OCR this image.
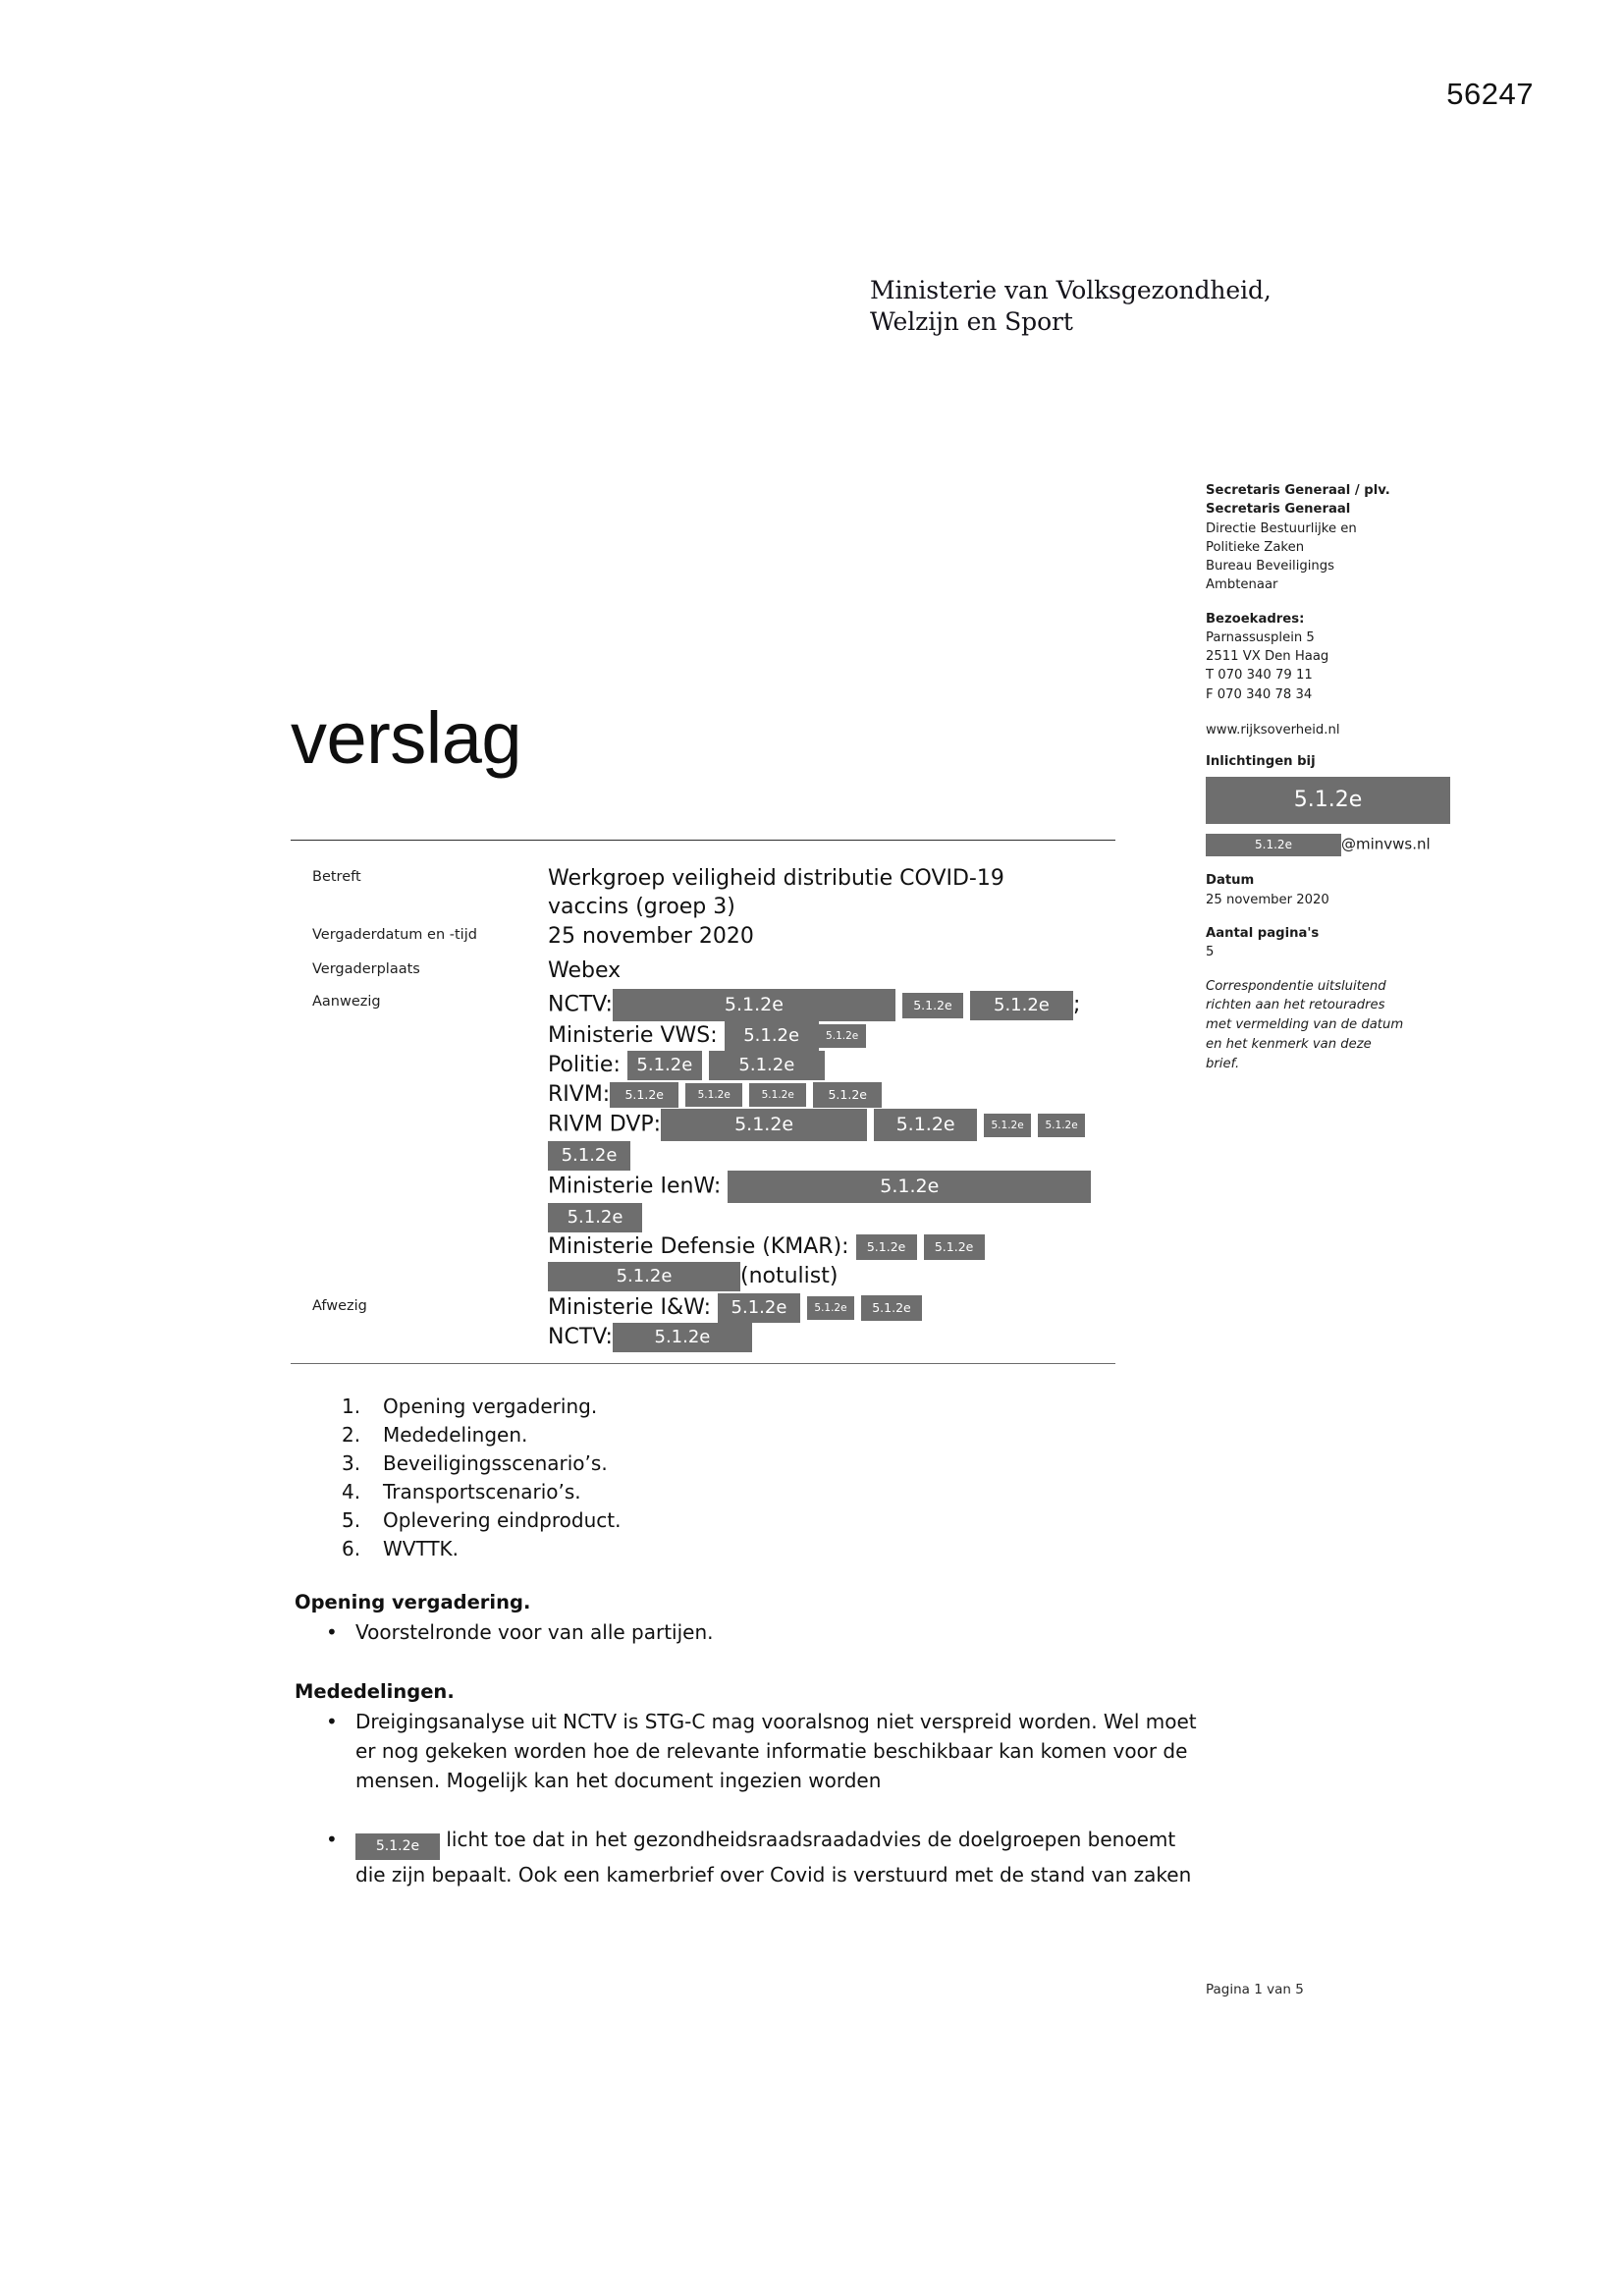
56247
Ministerie van Volksgezondheid,
Welzijn en Sport
Secretaris Generaal / plv.
Secretaris Generaal
Directie Bestuurlijke en
Politieke Zaken
Bureau Beveiligings
Ambtenaar
Bezoekadres:
Parnassusplein 5
2511 VX Den Haag
T 070 340 79 11
F 070 340 78 34
www.rijksoverheid.nl
Inlichtingen bij
5.1.2e
5.1.2e	@minvws.nl
Datum
25 november 2020
Aantal pagina's
5
Correspondentie uitsluitend
richten aan het retouradres
met vermelding van de datum
en het kenmerk van deze
brief.
verslag
Betreft	Werkgroep veiligheid distributie COVID-19
vaccins (groep 3)
Vergaderdatum en -tijd	25 november 2020
Vergaderplaats	Webex
Aanwezig	NCTV:	5.1.2e	5.1.2e 5.1.2e ;
Ministerie VWS: 5.1.2e	5.1.2e
Politie: 5.1.2e	5.1.2e
RIVM: 5.1.2e	5.1.2e	5.1.2e	5.1.2e
RIVM DVP:	5.1.2e	5.1.2e	5.1.2e 5.1.2e 5.1.2e
Ministerie IenW:	5.1.2e 5.1.2e
Ministerie Defensie (KMAR): 5.1.2e 5.1.2e 5.1.2e	(notulist)
Afwezig	Ministerie I&W: 5.1.2e	5.1.2e 5.1.2e
NCTV: 5.1.2e
1.	Opening vergadering.
2.	Mededelingen.
3.	Beveiligingsscenario’s.
4.	Transportscenario’s.
5.	Oplevering eindproduct.
6.	WVTTK.
Opening vergadering.
• Voorstelronde voor van alle partijen.
Mededelingen.
• Dreigingsanalyse uit NCTV is STG-C mag vooralsnog niet verspreid worden. Wel moet er nog gekeken worden hoe de relevante informatie beschikbaar kan komen voor de mensen. Mogelijk kan het document ingezien worden
•	5.1.2e licht toe dat in het gezondheidsraadsraadadvies de doelgroepen benoemt die zijn bepaalt. Ook een kamerbrief over Covid is verstuurd met de stand van zaken
Pagina 1 van 5
